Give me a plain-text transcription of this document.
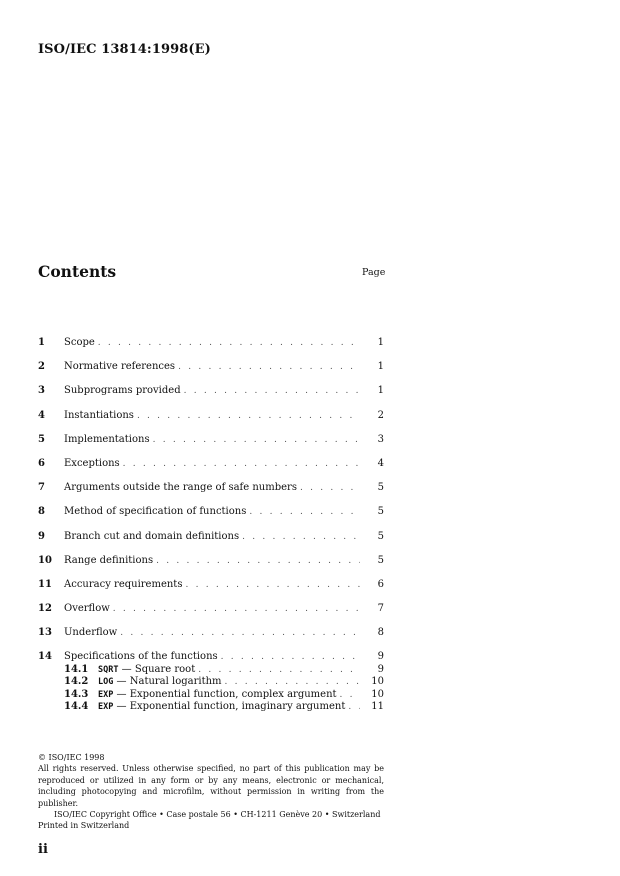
ISO/IEC 13814:1998(E)
Contents	Page
1	Scope . . .	1
2	Normative references . . .	1
3	Subprograms provided . . .	1
4	Instantiations . . .	2
5	Implementations . . .	3
6	Exceptions . . .	4
7	Arguments outside the range of safe numbers . . .	5
8	Method of specification of functions . . .	5
9	Branch cut and domain definitions . . .	5
10	Range definitions . . .	5
11	Accuracy requirements . . .	6
12	Overflow . . .	7
13	Underflow . . .	8
14	Specifications of the functions . . .	9
14.1	SQRT — Square root . . .	9
14.2	LOG — Natural logarithm . . .	10
14.3	EXP — Exponential function, complex argument . . .	10
14.4	EXP — Exponential function, imaginary argument . . .	11

© ISO/IEC 1998

All rights reserved. Unless otherwise specified, no part of this publication may be reproduced or utilized in any form or by any means, electronic or mechanical, including photocopying and microfilm, without permission in writing from the publisher.

ISO/IEC Copyright Office • Case postale 56 • CH-1211 Genève 20 • Switzerland

Printed in Switzerland

ii
